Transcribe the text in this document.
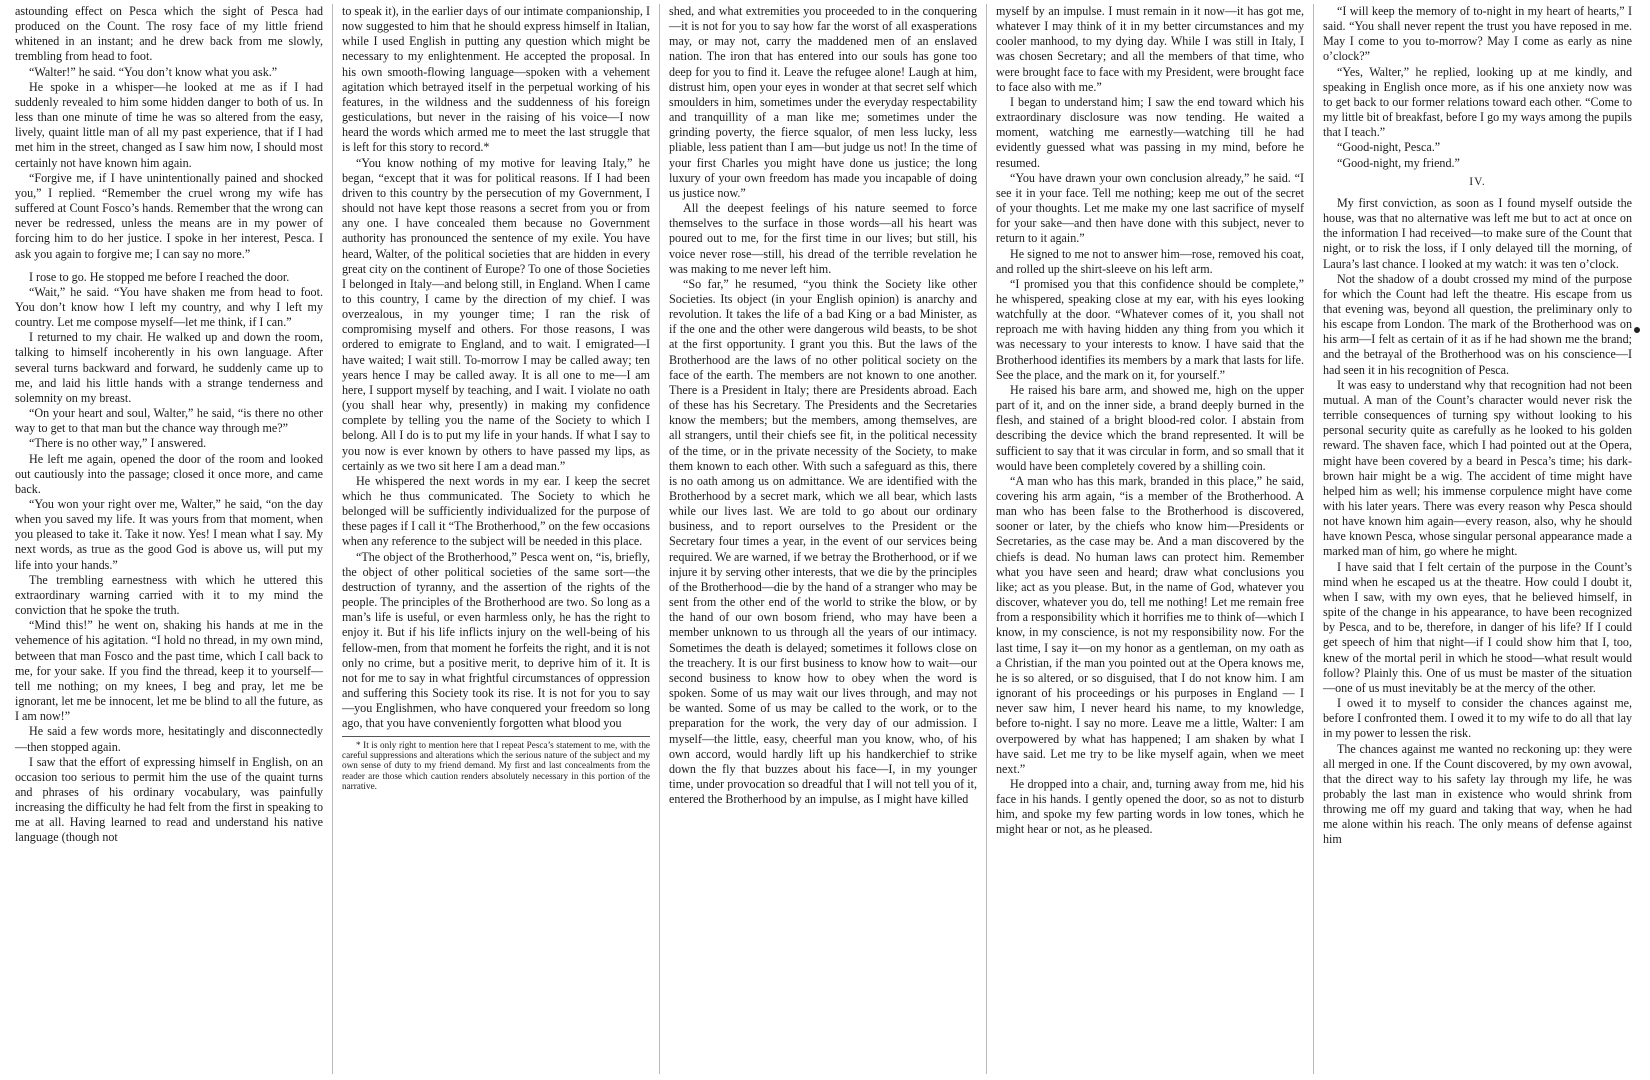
astounding effect on Pesca which the sight of Pesca had produced on the Count. The rosy face of my little friend whitened in an instant; and he drew back from me slowly, trembling from head to foot.

“Walter!” he said. “You don’t know what you ask.”

He spoke in a whisper—he looked at me as if I had suddenly revealed to him some hidden danger to both of us. In less than one minute of time he was so altered from the easy, lively, quaint little man of all my past experience, that if I had met him in the street, changed as I saw him now, I should most certainly not have known him again.

“Forgive me, if I have unintentionally pained and shocked you,” I replied. “Remember the cruel wrong my wife has suffered at Count Fosco’s hands. Remember that the wrong can never be redressed, unless the means are in my power of forcing him to do her justice. I spoke in her interest, Pesca. I ask you again to forgive me; I can say no more.”

I rose to go. He stopped me before I reached the door.

“Wait,” he said. “You have shaken me from head to foot. You don’t know how I left my country, and why I left my country. Let me compose myself—let me think, if I can.”

I returned to my chair. He walked up and down the room, talking to himself incoherently in his own language. After several turns backward and forward, he suddenly came up to me, and laid his little hands with a strange tenderness and solemnity on my breast.

“On your heart and soul, Walter,” he said, “is there no other way to get to that man but the chance way through me?”

“There is no other way,” I answered.

He left me again, opened the door of the room and looked out cautiously into the passage; closed it once more, and came back.

“You won your right over me, Walter,” he said, “on the day when you saved my life. It was yours from that moment, when you pleased to take it. Take it now. Yes! I mean what I say. My next words, as true as the good God is above us, will put my life into your hands.”

The trembling earnestness with which he uttered this extraordinary warning carried with it to my mind the conviction that he spoke the truth.

“Mind this!” he went on, shaking his hands at me in the vehemence of his agitation. “I hold no thread, in my own mind, between that man Fosco and the past time, which I call back to me, for your sake. If you find the thread, keep it to yourself—tell me nothing; on my knees, I beg and pray, let me be ignorant, let me be innocent, let me be blind to all the future, as I am now!”

He said a few words more, hesitatingly and disconnectedly—then stopped again.

I saw that the effort of expressing himself in English, on an occasion too serious to permit him the use of the quaint turns and phrases of his ordinary vocabulary, was painfully increasing the difficulty he had felt from the first in speaking to me at all. Having learned to read and understand his native language (though not

to speak it), in the earlier days of our intimate companionship, I now suggested to him that he should express himself in Italian, while I used English in putting any question which might be necessary to my enlightenment. He accepted the proposal. In his own smooth-flowing language—spoken with a vehement agitation which betrayed itself in the perpetual working of his features, in the wildness and the suddenness of his foreign gesticulations, but never in the raising of his voice—I now heard the words which armed me to meet the last struggle that is left for this story to record.*

“You know nothing of my motive for leaving Italy,” he began, “except that it was for political reasons. If I had been driven to this country by the persecution of my Government, I should not have kept those reasons a secret from you or from any one. I have concealed them because no Government authority has pronounced the sentence of my exile. You have heard, Walter, of the political societies that are hidden in every great city on the continent of Europe? To one of those Societies I belonged in Italy—and belong still, in England. When I came to this country, I came by the direction of my chief. I was overzealous, in my younger time; I ran the risk of compromising myself and others. For those reasons, I was ordered to emigrate to England, and to wait. I emigrated—I have waited; I wait still. To-morrow I may be called away; ten years hence I may be called away. It is all one to me—I am here, I support myself by teaching, and I wait. I violate no oath (you shall hear why, presently) in making my confidence complete by telling you the name of the Society to which I belong. All I do is to put my life in your hands. If what I say to you now is ever known by others to have passed my lips, as certainly as we two sit here I am a dead man.”

He whispered the next words in my ear. I keep the secret which he thus communicated. The Society to which he belonged will be sufficiently individualized for the purpose of these pages if I call it “The Brotherhood,” on the few occasions when any reference to the subject will be needed in this place.

“The object of the Brotherhood,” Pesca went on, “is, briefly, the object of other political societies of the same sort—the destruction of tyranny, and the assertion of the rights of the people. The principles of the Brotherhood are two. So long as a man’s life is useful, or even harmless only, he has the right to enjoy it. But if his life inflicts injury on the well-being of his fellow-men, from that moment he forfeits the right, and it is not only no crime, but a positive merit, to deprive him of it. It is not for me to say in what frightful circumstances of oppression and suffering this Society took its rise. It is not for you to say—you Englishmen, who have conquered your freedom so long ago, that you have conveniently forgotten what blood you

* It is only right to mention here that I repeat Pesca’s statement to me, with the careful suppressions and alterations which the serious nature of the subject and my own sense of duty to my friend demand. My first and last concealments from the reader are those which caution renders absolutely necessary in this portion of the narrative.

shed, and what extremities you proceeded to in the conquering—it is not for you to say how far the worst of all exasperations may, or may not, carry the maddened men of an enslaved nation. The iron that has entered into our souls has gone too deep for you to find it. Leave the refugee alone! Laugh at him, distrust him, open your eyes in wonder at that secret self which smoulders in him, sometimes under the everyday respectability and tranquillity of a man like me; sometimes under the grinding poverty, the fierce squalor, of men less lucky, less pliable, less patient than I am—but judge us not! In the time of your first Charles you might have done us justice; the long luxury of your own freedom has made you incapable of doing us justice now.”

All the deepest feelings of his nature seemed to force themselves to the surface in those words—all his heart was poured out to me, for the first time in our lives; but still, his voice never rose—still, his dread of the terrible revelation he was making to me never left him.

“So far,” he resumed, “you think the Society like other Societies. Its object (in your English opinion) is anarchy and revolution. It takes the life of a bad King or a bad Minister, as if the one and the other were dangerous wild beasts, to be shot at the first opportunity. I grant you this. But the laws of the Brotherhood are the laws of no other political society on the face of the earth. The members are not known to one another. There is a President in Italy; there are Presidents abroad. Each of these has his Secretary. The Presidents and the Secretaries know the members; but the members, among themselves, are all strangers, until their chiefs see fit, in the political necessity of the time, or in the private necessity of the Society, to make them known to each other. With such a safeguard as this, there is no oath among us on admittance. We are identified with the Brotherhood by a secret mark, which we all bear, which lasts while our lives last. We are told to go about our ordinary business, and to report ourselves to the President or the Secretary four times a year, in the event of our services being required. We are warned, if we betray the Brotherhood, or if we injure it by serving other interests, that we die by the principles of the Brotherhood—die by the hand of a stranger who may be sent from the other end of the world to strike the blow, or by the hand of our own bosom friend, who may have been a member unknown to us through all the years of our intimacy. Sometimes the death is delayed; sometimes it follows close on the treachery. It is our first business to know how to wait—our second business to know how to obey when the word is spoken. Some of us may wait our lives through, and may not be wanted. Some of us may be called to the work, or to the preparation for the work, the very day of our admission. I myself—the little, easy, cheerful man you know, who, of his own accord, would hardly lift up his handkerchief to strike down the fly that buzzes about his face—I, in my younger time, under provocation so dreadful that I will not tell you of it, entered the Brotherhood by an impulse, as I might have killed

myself by an impulse. I must remain in it now—it has got me, whatever I may think of it in my better circumstances and my cooler manhood, to my dying day. While I was still in Italy, I was chosen Secretary; and all the members of that time, who were brought face to face with my President, were brought face to face also with me.”

I began to understand him; I saw the end toward which his extraordinary disclosure was now tending. He waited a moment, watching me earnestly—watching till he had evidently guessed what was passing in my mind, before he resumed.

“You have drawn your own conclusion already,” he said. “I see it in your face. Tell me nothing; keep me out of the secret of your thoughts. Let me make my one last sacrifice of myself for your sake—and then have done with this subject, never to return to it again.”

He signed to me not to answer him—rose, removed his coat, and rolled up the shirt-sleeve on his left arm.

“I promised you that this confidence should be complete,” he whispered, speaking close at my ear, with his eyes looking watchfully at the door. “Whatever comes of it, you shall not reproach me with having hidden any thing from you which it was necessary to your interests to know. I have said that the Brotherhood identifies its members by a mark that lasts for life. See the place, and the mark on it, for yourself.”

He raised his bare arm, and showed me, high on the upper part of it, and on the inner side, a brand deeply burned in the flesh, and stained of a bright blood-red color. I abstain from describing the device which the brand represented. It will be sufficient to say that it was circular in form, and so small that it would have been completely covered by a shilling coin.

“A man who has this mark, branded in this place,” he said, covering his arm again, “is a member of the Brotherhood. A man who has been false to the Brotherhood is discovered, sooner or later, by the chiefs who know him—Presidents or Secretaries, as the case may be. And a man discovered by the chiefs is dead. No human laws can protect him. Remember what you have seen and heard; draw what conclusions you like; act as you please. But, in the name of God, whatever you discover, whatever you do, tell me nothing! Let me remain free from a responsibility which it horrifies me to think of—which I know, in my conscience, is not my responsibility now. For the last time, I say it—on my honor as a gentleman, on my oath as a Christian, if the man you pointed out at the Opera knows me, he is so altered, or so disguised, that I do not know him. I am ignorant of his proceedings or his purposes in England — I never saw him, I never heard his name, to my knowledge, before to-night. I say no more. Leave me a little, Walter: I am overpowered by what has happened; I am shaken by what I have said. Let me try to be like myself again, when we meet next.”

He dropped into a chair, and, turning away from me, hid his face in his hands. I gently opened the door, so as not to disturb him, and spoke my few parting words in low tones, which he might hear or not, as he pleased.

“I will keep the memory of to-night in my heart of hearts,” I said. “You shall never repent the trust you have reposed in me. May I come to you to-morrow? May I come as early as nine o’clock?”

“Yes, Walter,” he replied, looking up at me kindly, and speaking in English once more, as if his one anxiety now was to get back to our former relations toward each other. “Come to my little bit of breakfast, before I go my ways among the pupils that I teach.”

“Good-night, Pesca.”

“Good-night, my friend.”

IV.

My first conviction, as soon as I found myself outside the house, was that no alternative was left me but to act at once on the information I had received—to make sure of the Count that night, or to risk the loss, if I only delayed till the morning, of Laura’s last chance. I looked at my watch: it was ten o’clock.

Not the shadow of a doubt crossed my mind of the purpose for which the Count had left the theatre. His escape from us that evening was, beyond all question, the preliminary only to his escape from London. The mark of the Brotherhood was on his arm—I felt as certain of it as if he had shown me the brand; and the betrayal of the Brotherhood was on his conscience—I had seen it in his recognition of Pesca.

It was easy to understand why that recognition had not been mutual. A man of the Count’s character would never risk the terrible consequences of turning spy without looking to his personal security quite as carefully as he looked to his golden reward. The shaven face, which I had pointed out at the Opera, might have been covered by a beard in Pesca’s time; his dark-brown hair might be a wig. The accident of time might have helped him as well; his immense corpulence might have come with his later years. There was every reason why Pesca should not have known him again—every reason, also, why he should have known Pesca, whose singular personal appearance made a marked man of him, go where he might.

I have said that I felt certain of the purpose in the Count’s mind when he escaped us at the theatre. How could I doubt it, when I saw, with my own eyes, that he believed himself, in spite of the change in his appearance, to have been recognized by Pesca, and to be, therefore, in danger of his life? If I could get speech of him that night—if I could show him that I, too, knew of the mortal peril in which he stood—what result would follow? Plainly this. One of us must be master of the situation—one of us must inevitably be at the mercy of the other.

I owed it to myself to consider the chances against me, before I confronted them. I owed it to my wife to do all that lay in my power to lessen the risk.

The chances against me wanted no reckoning up: they were all merged in one. If the Count discovered, by my own avowal, that the direct way to his safety lay through my life, he was probably the last man in existence who would shrink from throwing me off my guard and taking that way, when he had me alone within his reach. The only means of defense against him
